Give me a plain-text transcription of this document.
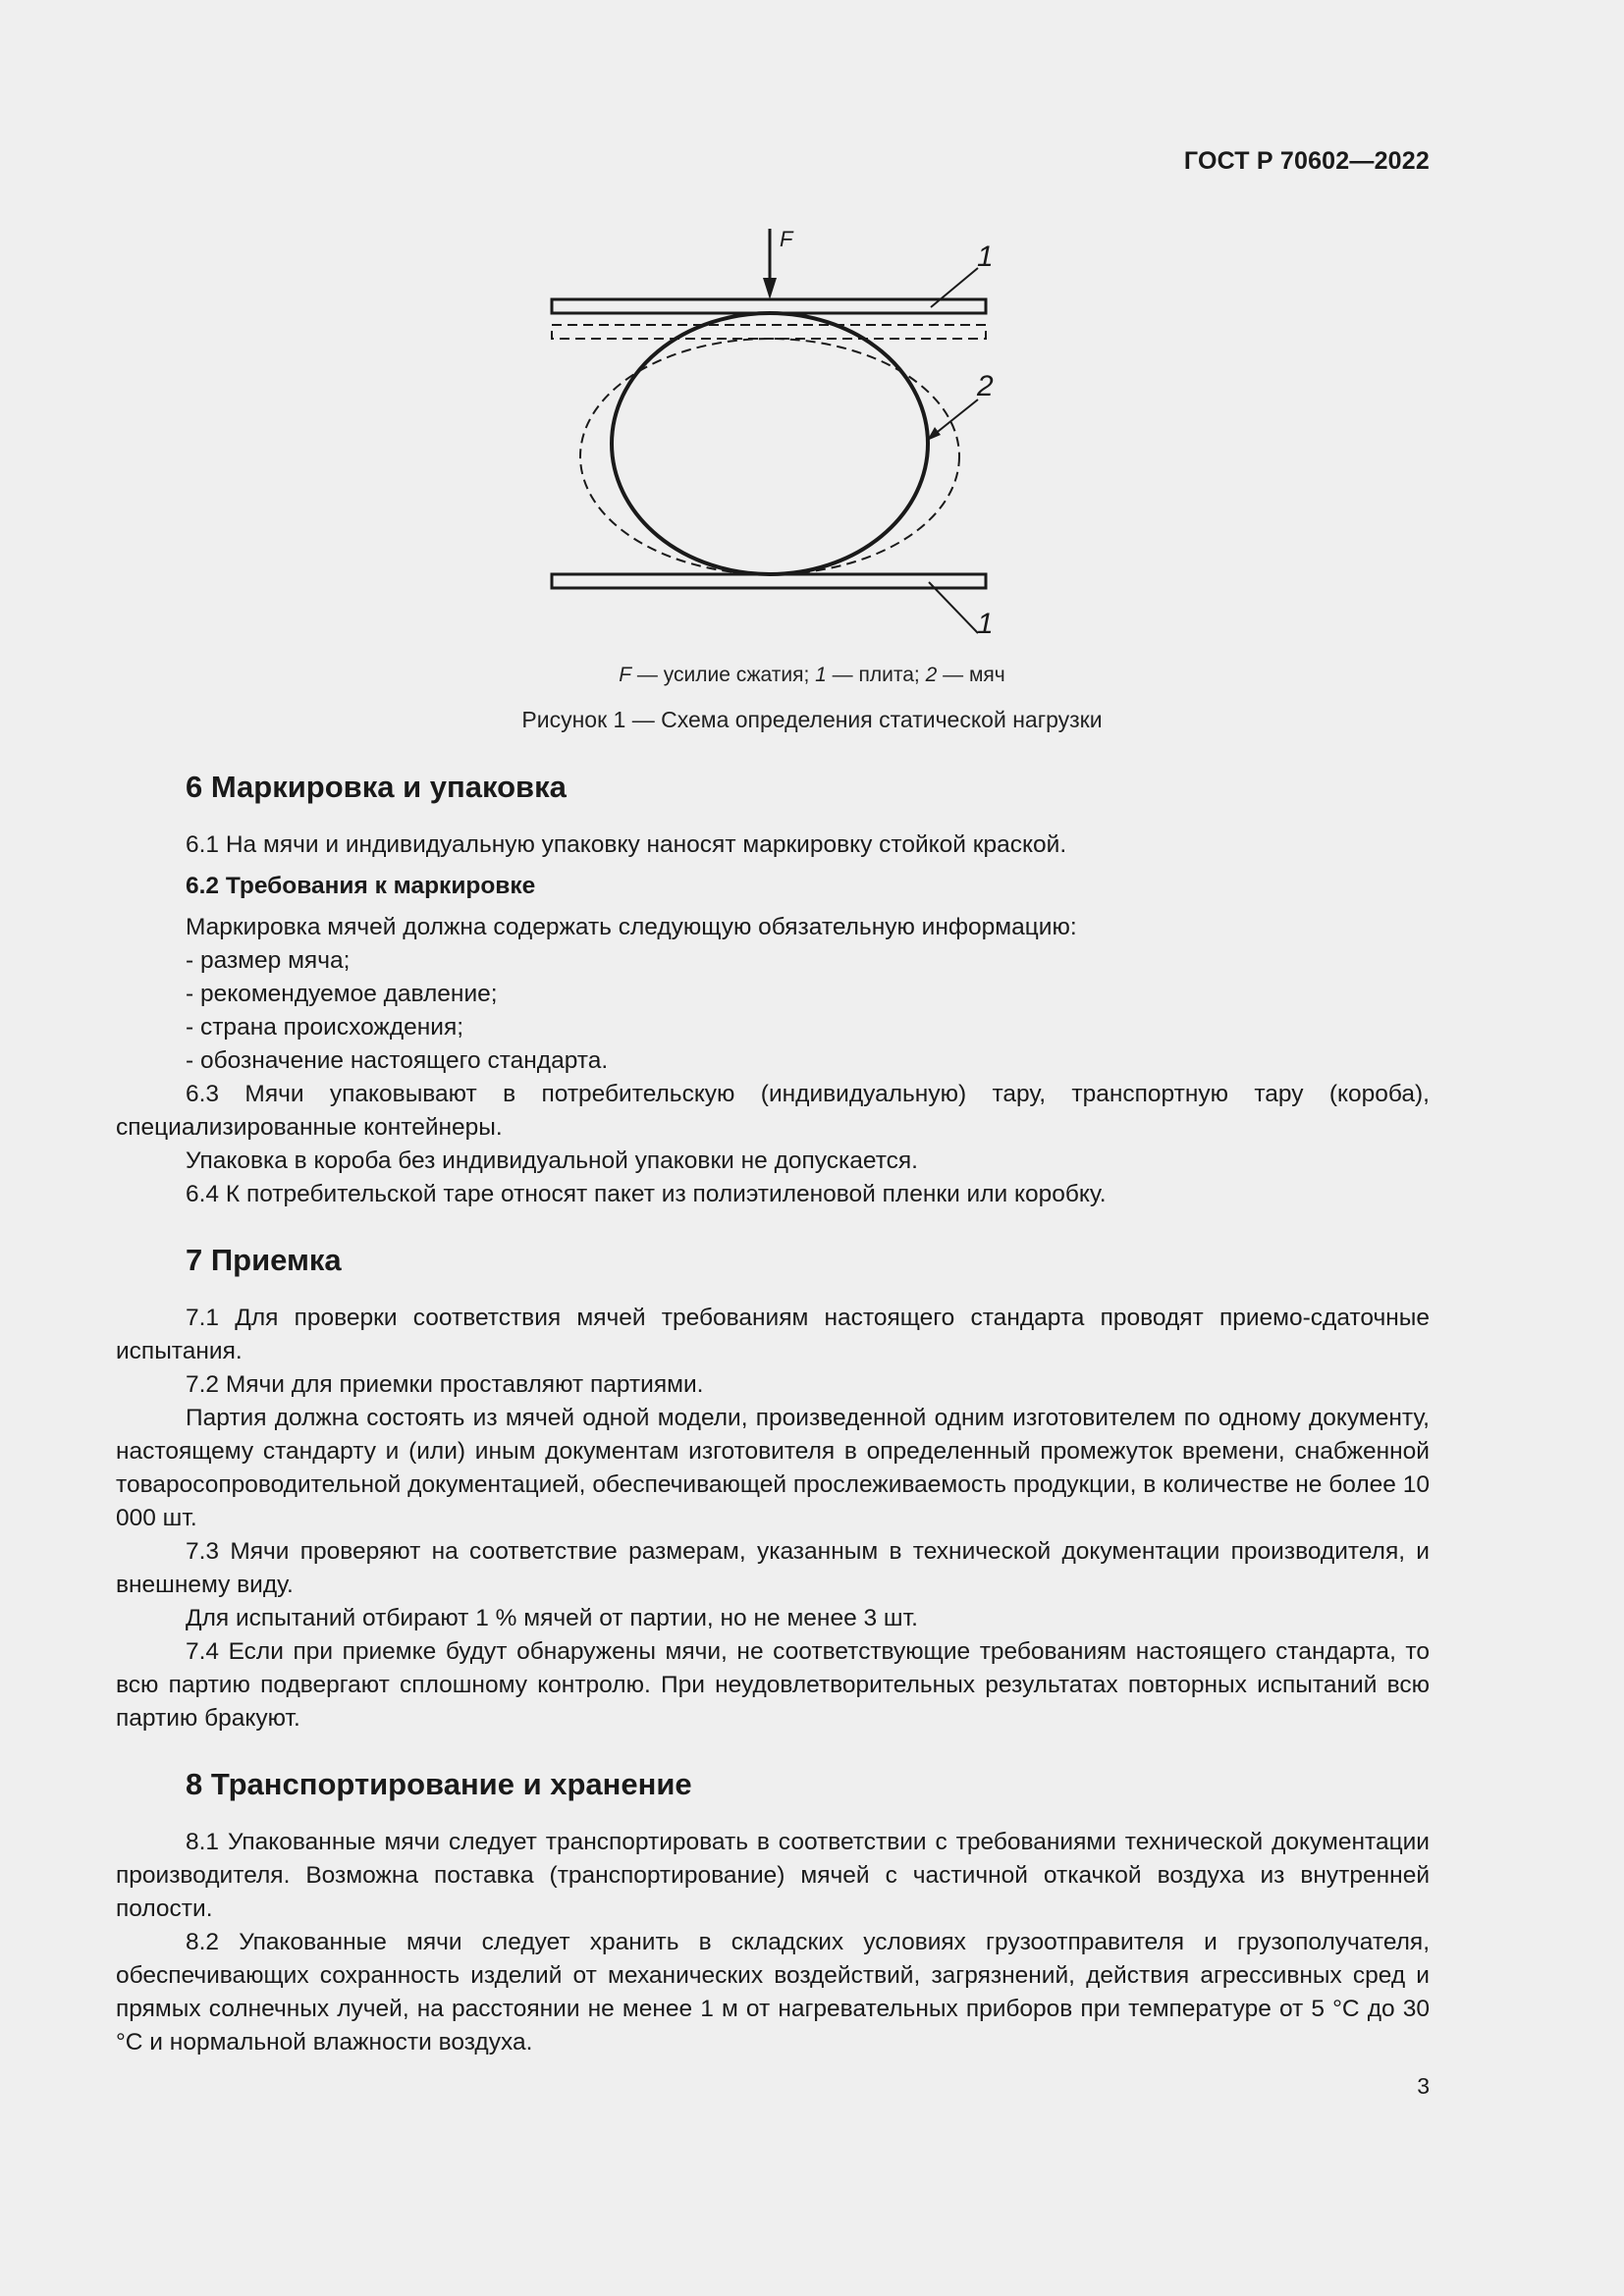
ГОСТ Р 70602—2022
F
1
2
1
F — усилие сжатия; 1 — плита; 2 — мяч
Рисунок 1 — Схема определения статической нагрузки
6 Маркировка и упаковка

6.1 На мячи и индивидуальную упаковку наносят маркировку стойкой краской.

6.2 Требования к маркировке

Маркировка мячей должна содержать следующую обязательную информацию:

- размер мяча;

- рекомендуемое давление;

- страна происхождения;

- обозначение настоящего стандарта.

6.3 Мячи упаковывают в потребительскую (индивидуальную) тару, транспортную тару (короба), специализированные контейнеры.

Упаковка в короба без индивидуальной упаковки не допускается.

6.4 К потребительской таре относят пакет из полиэтиленовой пленки или коробку.

7 Приемка

7.1 Для проверки соответствия мячей требованиям настоящего стандарта проводят приемо-сдаточные испытания.

7.2 Мячи для приемки проставляют партиями.

Партия должна состоять из мячей одной модели, произведенной одним изготовителем по одному документу, настоящему стандарту и (или) иным документам изготовителя в определенный промежуток времени, снабженной товаросопроводительной документацией, обеспечивающей прослеживаемость продукции, в количестве не более 10 000 шт.

7.3 Мячи проверяют на соответствие размерам, указанным в технической документации производителя, и внешнему виду.

Для испытаний отбирают 1 % мячей от партии, но не менее 3 шт.

7.4 Если при приемке будут обнаружены мячи, не соответствующие требованиям настоящего стандарта, то всю партию подвергают сплошному контролю. При неудовлетворительных результатах повторных испытаний всю партию бракуют.

8 Транспортирование и хранение

8.1 Упакованные мячи следует транспортировать в соответствии с требованиями технической документации производителя. Возможна поставка (транспортирование) мячей с частичной откачкой воздуха из внутренней полости.

8.2 Упакованные мячи следует хранить в складских условиях грузоотправителя и грузополучателя, обеспечивающих сохранность изделий от механических воздействий, загрязнений, действия агрессивных сред и прямых солнечных лучей, на расстоянии не менее 1 м от нагревательных приборов при температуре от 5 °С до 30 °С и нормальной влажности воздуха.

3
